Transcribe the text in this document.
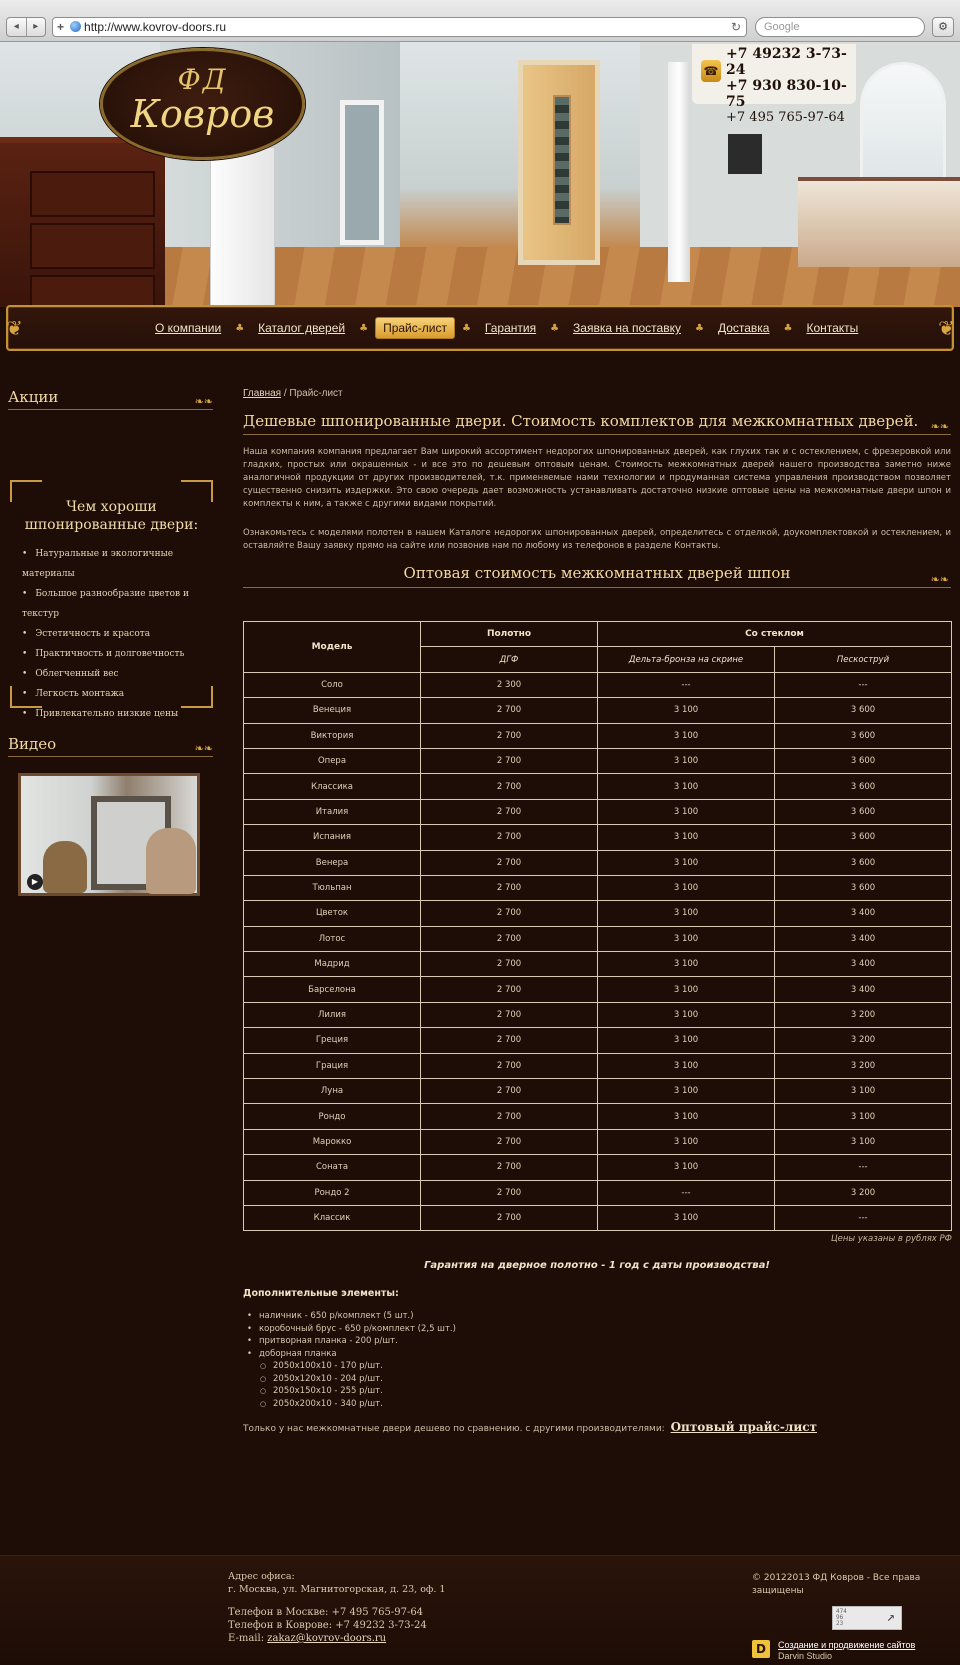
◂	▸	+ http://www.kovrov-doors.ru	↻	Google	⚙
ФД
Ковров
☎
+7 49232 3-73-24
+7 930 830-10-75
+7 495 765-97-64
❦	❦
О компании	♣	Каталог дверей	♣	Прайс-лист	♣	Гарантия	♣	Заявка на поставку	♣	Доставка	♣	Контакты
Акции	❧❧
Чем хороши
шпонированные двери:
• Натуральные и экологичные материалы
• Большое разнообразие цветов и текстур
• Эстетичность и красота
• Практичность и долговечность
• Облегченный вес
• Легкость монтажа
• Привлекательно низкие цены
Видео	❧❧
▶
Главная / Прайс-лист
Дешевые шпонированные двери. Стоимость комплектов для межкомнатных дверей. ❧❧
Наша компания компания предлагает Вам широкий ассортимент недорогих шпонированных дверей, как глухих так и с остеклением, с фрезеровкой или гладких, простых или окрашенных - и все это по дешевым оптовым ценам. Стоимость межкомнатных дверей нашего производства заметно ниже аналогичной продукции от других производителей, т.к. применяемые нами технологии и продуманная система управления производством позволяет существенно снизить издержки. Это свою очередь дает возможность устанавливать достаточно низкие оптовые цены на межкомнатные двери шпон и комплекты к ним, а также с другими видами покрытий.
Ознакомьтесь с моделями полотен в нашем Каталоге недорогих шпонированных дверей, определитесь с отделкой, доукомплектовкой и остеклением, и оставляйте Вашу заявку прямо на сайте или позвонив нам по любому из телефонов в разделе Контакты.
Оптовая стоимость межкомнатных дверей шпон	❧❧
Модель	Полотно	Со стеклом	
	ДГФ	Дельта-бронза на скрине	Пескоструй
Соло	2 300	---	---
Венеция	2 700	3 100	3 600
Виктория	2 700	3 100	3 600
Опера	2 700	3 100	3 600
Классика	2 700	3 100	3 600
Италия	2 700	3 100	3 600
Испания	2 700	3 100	3 600
Венера	2 700	3 100	3 600
Тюльпан	2 700	3 100	3 600
Цветок	2 700	3 100	3 400
Лотос	2 700	3 100	3 400
Мадрид	2 700	3 100	3 400
Барселона	2 700	3 100	3 400
Лилия	2 700	3 100	3 200
Греция	2 700	3 100	3 200
Грация	2 700	3 100	3 200
Луна	2 700	3 100	3 100
Рондо	2 700	3 100	3 100
Марокко	2 700	3 100	3 100
Соната	2 700	3 100	---
Рондо 2	2 700	---	3 200
Классик	2 700	3 100	---
Цены указаны в рублях РФ
Гарантия на дверное полотно - 1 год с даты производства!
Дополнительные элементы:
• наличник - 650 р/комплект (5 шт.)
• коробочный брус - 650 р/комплект (2,5 шт.)
• притворная планка - 200 р/шт.
• доборная планка
○ 2050x100x10 - 170 р/шт.
○ 2050x120x10 - 204 р/шт.
○ 2050x150x10 - 255 р/шт.
○ 2050x200x10 - 340 р/шт.
Только у нас межкомнатные двери дешево по сравнению. с другими производителями: Оптовый прайс-лист
Адрес офиса:
г. Москва, ул. Магнитогорская, д. 23, оф. 1
Телефон в Москве: +7 495 765-97-64
Телефон в Коврове: +7 49232 3-73-24
E-mail: zakaz@kovrov-doors.ru
© 20122013 ФД Ковров - Все права защищены
474
96
23	↗
D	Создание и продвижение сайтов
Darvin Studio
